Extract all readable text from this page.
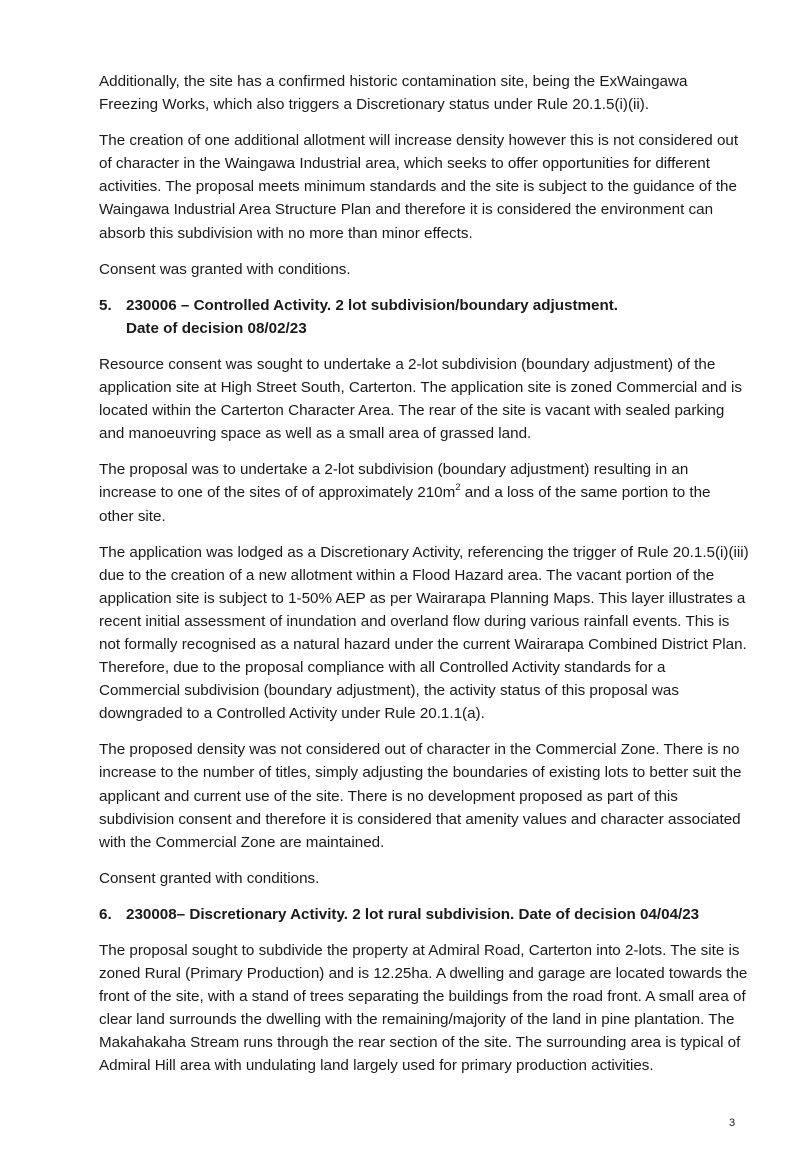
Additionally, the site has a confirmed historic contamination site, being the ExWaingawa Freezing Works, which also triggers a Discretionary status under Rule 20.1.5(i)(ii).

The creation of one additional allotment will increase density however this is not considered out of character in the Waingawa Industrial area, which seeks to offer opportunities for different activities. The proposal meets minimum standards and the site is subject to the guidance of the Waingawa Industrial Area Structure Plan and therefore it is considered the environment can absorb this subdivision with no more than minor effects.

Consent was granted with conditions.

5. 230006 – Controlled Activity. 2 lot subdivision/boundary adjustment.
Date of decision 08/02/23

Resource consent was sought to undertake a 2-lot subdivision (boundary adjustment) of the application site at High Street South, Carterton. The application site is zoned Commercial and is located within the Carterton Character Area. The rear of the site is vacant with sealed parking and manoeuvring space as well as a small area of grassed land.

The proposal was to undertake a 2-lot subdivision (boundary adjustment) resulting in an increase to one of the sites of of approximately $210m^2$ and a loss of the same portion to the other site.

The application was lodged as a Discretionary Activity, referencing the trigger of Rule 20.1.5(i)(iii) due to the creation of a new allotment within a Flood Hazard area. The vacant portion of the application site is subject to 1-50% AEP as per Wairarapa Planning Maps. This layer illustrates a recent initial assessment of inundation and overland flow during various rainfall events. This is not formally recognised as a natural hazard under the current Wairarapa Combined District Plan. Therefore, due to the proposal compliance with all Controlled Activity standards for a Commercial subdivision (boundary adjustment), the activity status of this proposal was downgraded to a Controlled Activity under Rule 20.1.1(a).

The proposed density was not considered out of character in the Commercial Zone. There is no increase to the number of titles, simply adjusting the boundaries of existing lots to better suit the applicant and current use of the site. There is no development proposed as part of this subdivision consent and therefore it is considered that amenity values and character associated with the Commercial Zone are maintained.

Consent granted with conditions.

6. 230008– Discretionary Activity. 2 lot rural subdivision. Date of decision 04/04/23

The proposal sought to subdivide the property at Admiral Road, Carterton into 2-lots. The site is zoned Rural (Primary Production) and is 12.25ha. A dwelling and garage are located towards the front of the site, with a stand of trees separating the buildings from the road front. A small area of clear land surrounds the dwelling with the remaining/majority of the land in pine plantation. The Makahakaha Stream runs through the rear section of the site. The surrounding area is typical of Admiral Hill area with undulating land largely used for primary production activities.

3
